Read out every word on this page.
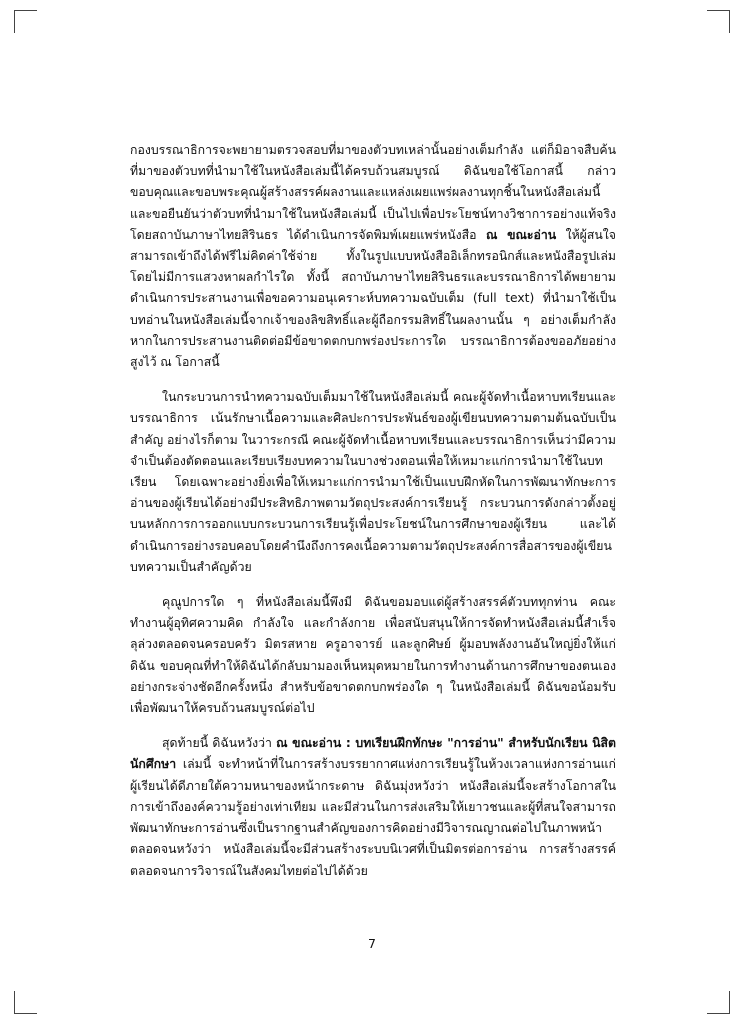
กองบรรณาธิการจะพยายามตรวจสอบที่มาของตัวบทเหล่านั้นอย่างเต็มกำลัง แต่ก็มิอาจสืบค้นที่มาของตัวบทที่นำมาใช้ในหนังสือเล่มนี้ได้ครบถ้วนสมบูรณ์ ดิฉันขอใช้โอกาสนี้ กล่าวขอบคุณและขอบพระคุณผู้สร้างสรรค์ผลงานและแหล่งเผยแพร่ผลงานทุกชิ้นในหนังสือเล่มนี้ และขอยืนยันว่าตัวบทที่นำมาใช้ในหนังสือเล่มนี้ เป็นไปเพื่อประโยชน์ทางวิชาการอย่างแท้จริง โดยสถาบันภาษาไทยสิรินธร ได้ดำเนินการจัดพิมพ์เผยแพร่หนังสือ ณ ขณะอ่าน ให้ผู้สนใจสามารถเข้าถึงได้ฟรีไม่คิดค่าใช้จ่าย ทั้งในรูปแบบหนังสืออิเล็กทรอนิกส์และหนังสือรูปเล่ม โดยไม่มีการแสวงหาผลกำไรใด ทั้งนี้ สถาบันภาษาไทยสิรินธรและบรรณาธิการได้พยายามดำเนินการประสานงานเพื่อขอความอนุเคราะห์บทความฉบับเต็ม (full text) ที่นำมาใช้เป็นบทอ่านในหนังสือเล่มนี้จากเจ้าของลิขสิทธิ์และผู้ถือกรรมสิทธิ์ในผลงานนั้น ๆ อย่างเต็มกำลัง หากในการประสานงานติดต่อมีข้อขาดตกบกพร่องประการใด บรรณาธิการต้องขออภัยอย่างสูงไว้ ณ โอกาสนี้

ในกระบวนการนำทความฉบับเต็มมาใช้ในหนังสือเล่มนี้ คณะผู้จัดทำเนื้อหาบทเรียนและบรรณาธิการ เน้นรักษาเนื้อความและศิลปะการประพันธ์ของผู้เขียนบทความตามต้นฉบับเป็นสำคัญ อย่างไรก็ตาม ในวาระกรณี คณะผู้จัดทำเนื้อหาบทเรียนและบรรณาธิการเห็นว่ามีความจำเป็นต้องตัดตอนและเรียบเรียงบทความในบางช่วงตอนเพื่อให้เหมาะแก่การนำมาใช้ในบทเรียน โดยเฉพาะอย่างยิ่งเพื่อให้เหมาะแก่การนำมาใช้เป็นแบบฝึกหัดในการพัฒนาทักษะการอ่านของผู้เรียนได้อย่างมีประสิทธิภาพตามวัตถุประสงค์การเรียนรู้ กระบวนการดังกล่าวตั้งอยู่บนหลักการการออกแบบกระบวนการเรียนรู้เพื่อประโยชน์ในการศึกษาของผู้เรียน และได้ดำเนินการอย่างรอบคอบโดยคำนึงถึงการคงเนื้อความตามวัตถุประสงค์การสื่อสารของผู้เขียนบทความเป็นสำคัญด้วย

คุณูปการใด ๆ ที่หนังสือเล่มนี้พึงมี ดิฉันขอมอบแด่ผู้สร้างสรรค์ตัวบททุกท่าน คณะทำงานผู้อุทิศความคิด กำลังใจ และกำลังกาย เพื่อสนับสนุนให้การจัดทำหนังสือเล่มนี้สำเร็จลุล่วงตลอดจนครอบครัว มิตรสหาย ครูอาจารย์ และลูกศิษย์ ผู้มอบพลังงานอันใหญ่ยิ่งให้แก่ดิฉัน ขอบคุณที่ทำให้ดิฉันได้กลับมามองเห็นหมุดหมายในการทำงานด้านการศึกษาของตนเองอย่างกระจ่างชัดอีกครั้งหนึ่ง สำหรับข้อขาดตกบกพร่องใด ๆ ในหนังสือเล่มนี้ ดิฉันขอน้อมรับเพื่อพัฒนาให้ครบถ้วนสมบูรณ์ต่อไป

สุดท้ายนี้ ดิฉันหวังว่า ณ ขณะอ่าน : บทเรียนฝึกทักษะ "การอ่าน" สำหรับนักเรียน นิสิต นักศึกษา เล่มนี้ จะทำหน้าที่ในการสร้างบรรยากาศแห่งการเรียนรู้ในห้วงเวลาแห่งการอ่านแก่ผู้เรียนได้ดีภายใต้ความหนาของหน้ากระดาษ ดิฉันมุ่งหวังว่า หนังสือเล่มนี้จะสร้างโอกาสในการเข้าถึงองค์ความรู้อย่างเท่าเทียม และมีส่วนในการส่งเสริมให้เยาวชนและผู้ที่สนใจสามารถพัฒนาทักษะการอ่านซึ่งเป็นรากฐานสำคัญของการคิดอย่างมีวิจารณญาณต่อไปในภาพหน้าตลอดจนหวังว่า หนังสือเล่มนี้จะมีส่วนสร้างระบบนิเวศที่เป็นมิตรต่อการอ่าน การสร้างสรรค์ตลอดจนการวิจารณ์ในสังคมไทยต่อไปได้ด้วย

7
